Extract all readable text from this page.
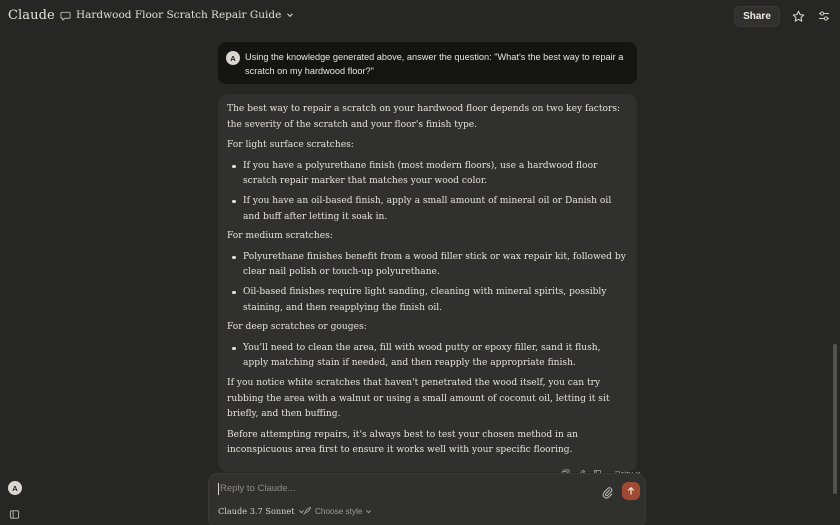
Claude Hardwood Floor Scratch Repair Guide	Share
A	Using the knowledge generated above, answer the question: "What's the best way to repair a scratch on my hardwood floor?"

The best way to repair a scratch on your hardwood floor depends on two key factors: the severity of the scratch and your floor's finish type.

For light surface scratches:

If you have a polyurethane finish (most modern floors), use a hardwood floor scratch repair marker that matches your wood color.
If you have an oil-based finish, apply a small amount of mineral oil or Danish oil and buff after letting it soak in.

For medium scratches:

Polyurethane finishes benefit from a wood filler stick or wax repair kit, followed by clear nail polish or touch-up polyurethane.
Oil-based finishes require light sanding, cleaning with mineral spirits, possibly staining, and then reapplying the finish oil.

For deep scratches or gouges:

You'll need to clean the area, fill with wood putty or epoxy filler, sand it flush, apply matching stain if needed, and then reapply the appropriate finish.

If you notice white scratches that haven't penetrated the wood itself, you can try rubbing the area with a walnut or using a small amount of coconut oil, letting it sit briefly, and then buffing.

Before attempting repairs, it's always best to test your chosen method in an inconspicuous area first to ensure it works well with your specific flooring.

Reply to Claude...
Claude 3.7 Sonnet Choose style
A
